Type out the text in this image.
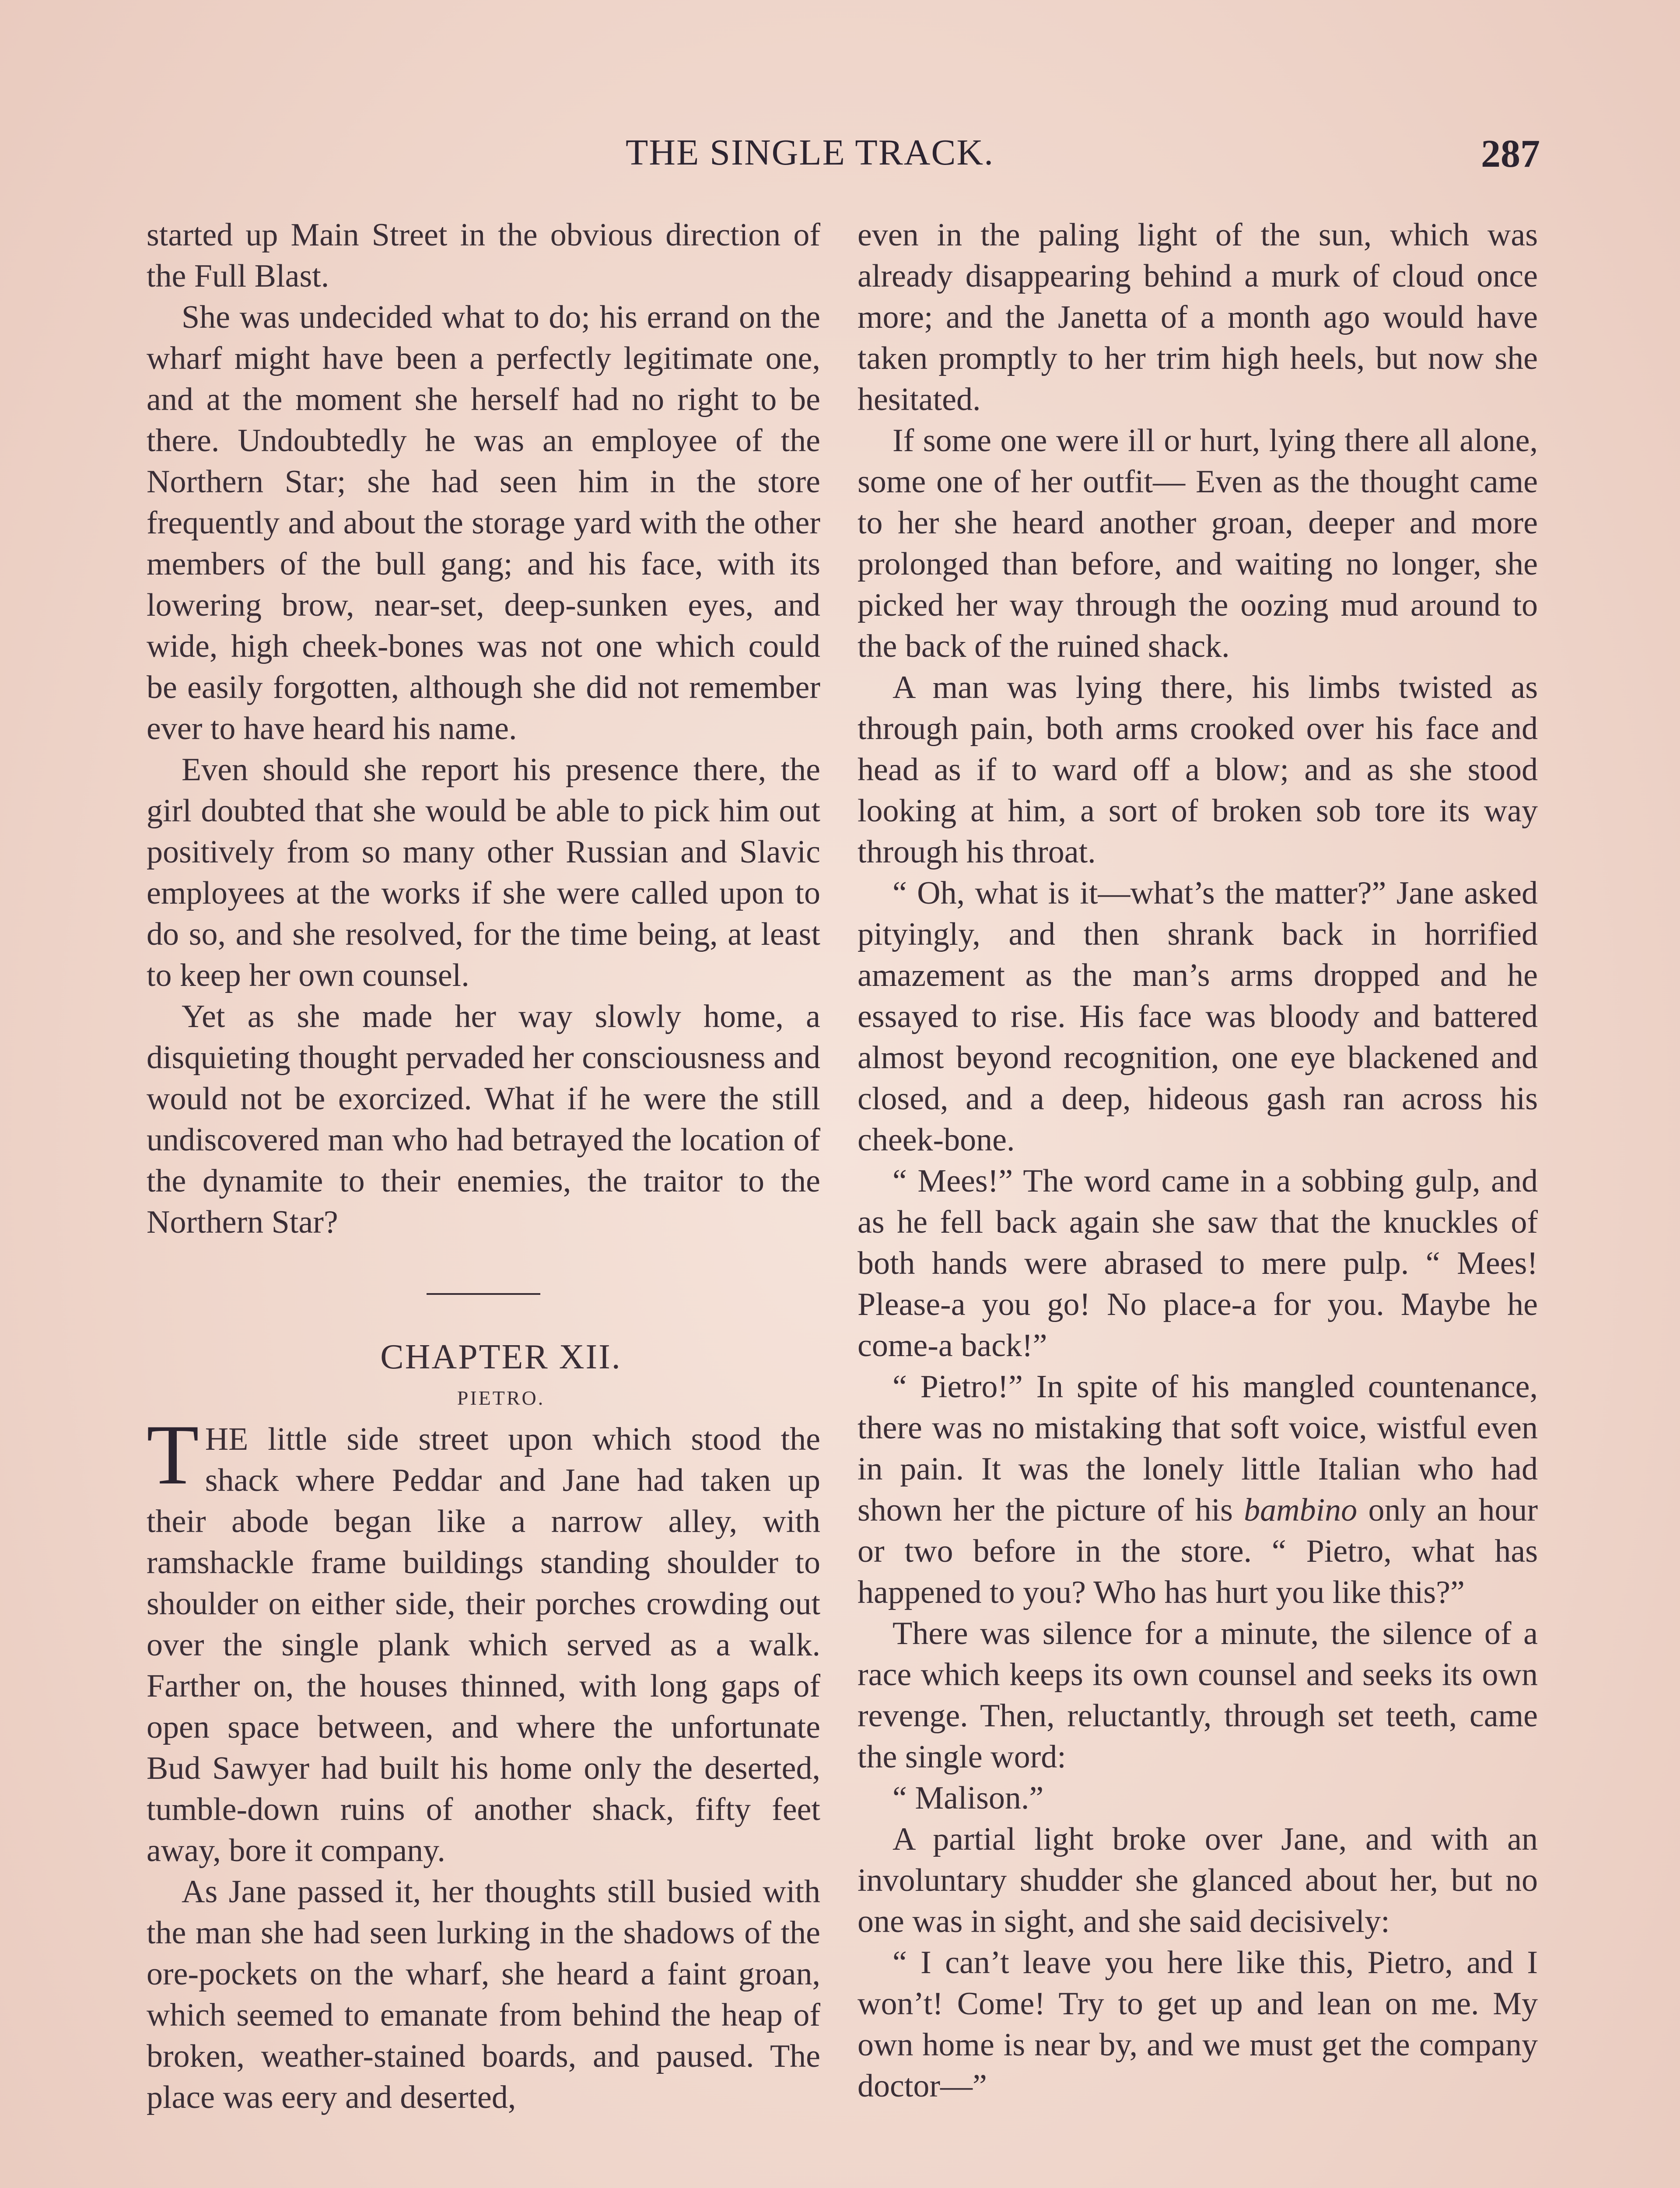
THE SINGLE TRACK.	287

started up Main Street in the obvious direction of the Full Blast.

She was undecided what to do; his errand on the wharf might have been a perfectly legitimate one, and at the moment she herself had no right to be there. Undoubtedly he was an employee of the Northern Star; she had seen him in the store frequently and about the storage yard with the other members of the bull gang; and his face, with its lowering brow, near-set, deep-sunken eyes, and wide, high cheek-bones was not one which could be easily forgotten, although she did not remember ever to have heard his name.

Even should she report his presence there, the girl doubted that she would be able to pick him out positively from so many other Russian and Slavic employees at the works if she were called upon to do so, and she resolved, for the time being, at least to keep her own counsel.

Yet as she made her way slowly home, a disquieting thought pervaded her consciousness and would not be exorcized. What if he were the still undiscovered man who had betrayed the location of the dynamite to their enemies, the traitor to the Northern Star?

CHAPTER XII.

PIETRO.

THE little side street upon which stood the shack where Peddar and Jane had taken up their abode began like a narrow alley, with ramshackle frame buildings standing shoulder to shoulder on either side, their porches crowding out over the single plank which served as a walk. Farther on, the houses thinned, with long gaps of open space between, and where the unfortunate Bud Sawyer had built his home only the deserted, tumble-down ruins of another shack, fifty feet away, bore it company.

As Jane passed it, her thoughts still busied with the man she had seen lurking in the shadows of the ore-pockets on the wharf, she heard a faint groan, which seemed to emanate from behind the heap of broken, weather-stained boards, and paused. The place was eery and deserted,

even in the paling light of the sun, which was already disappearing behind a murk of cloud once more; and the Janetta of a month ago would have taken promptly to her trim high heels, but now she hesitated.

If some one were ill or hurt, lying there all alone, some one of her outfit— Even as the thought came to her she heard another groan, deeper and more prolonged than before, and waiting no longer, she picked her way through the oozing mud around to the back of the ruined shack.

A man was lying there, his limbs twisted as through pain, both arms crooked over his face and head as if to ward off a blow; and as she stood looking at him, a sort of broken sob tore its way through his throat.

“ Oh, what is it—what’s the matter?” Jane asked pityingly, and then shrank back in horrified amazement as the man’s arms dropped and he essayed to rise. His face was bloody and battered almost beyond recognition, one eye blackened and closed, and a deep, hideous gash ran across his cheek-bone.

“ Mees!” The word came in a sobbing gulp, and as he fell back again she saw that the knuckles of both hands were abrased to mere pulp. “ Mees! Please-a you go! No place-a for you. Maybe he come-a back!”

“ Pietro!” In spite of his mangled countenance, there was no mistaking that soft voice, wistful even in pain. It was the lonely little Italian who had shown her the picture of his bambino only an hour or two before in the store. “ Pietro, what has happened to you? Who has hurt you like this?”

There was silence for a minute, the silence of a race which keeps its own counsel and seeks its own revenge. Then, reluctantly, through set teeth, came the single word:

“ Malison.”

A partial light broke over Jane, and with an involuntary shudder she glanced about her, but no one was in sight, and she said decisively:

“ I can’t leave you here like this, Pietro, and I won’t! Come! Try to get up and lean on me. My own home is near by, and we must get the company doctor—”
